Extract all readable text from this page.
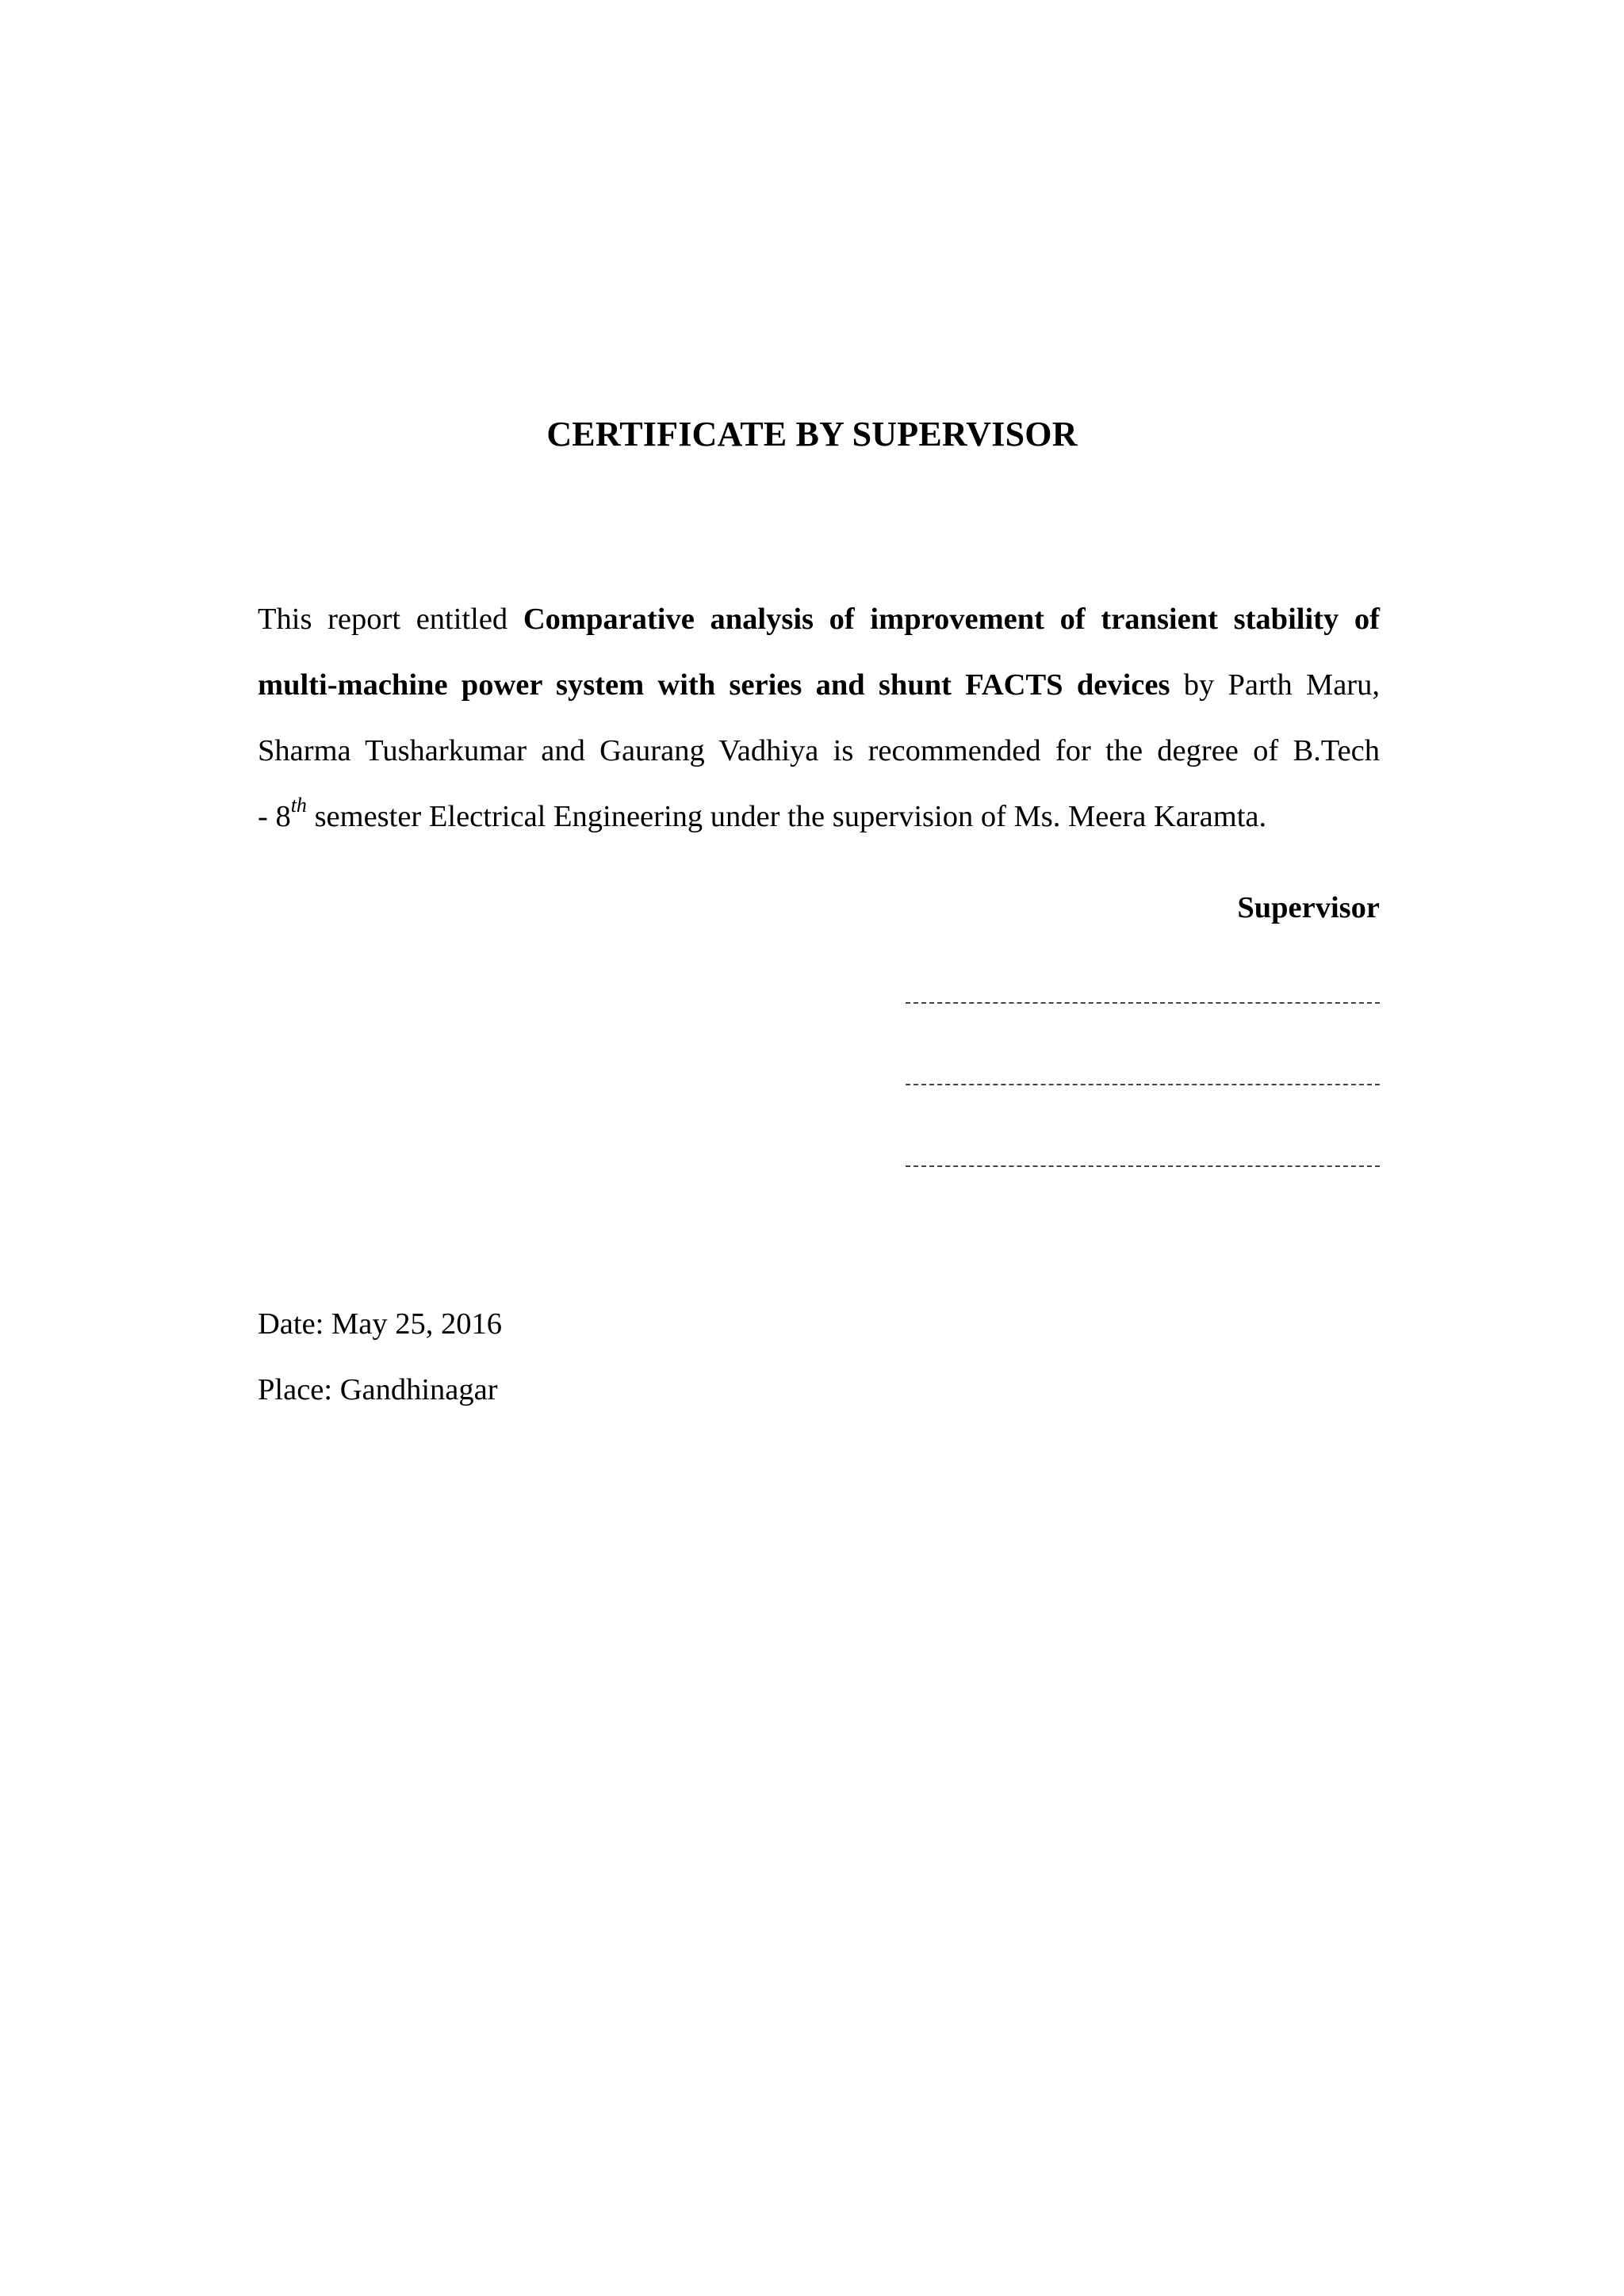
CERTIFICATE BY SUPERVISOR
This report entitled Comparative analysis of improvement of transient stability of
multi-machine power system with series and shunt FACTS devices by Parth Maru,
Sharma Tusharkumar and Gaurang Vadhiya is recommended for the degree of B.Tech
- 8th semester Electrical Engineering under the supervision of Ms. Meera Karamta.
Supervisor
Date: May 25, 2016
Place: Gandhinagar
